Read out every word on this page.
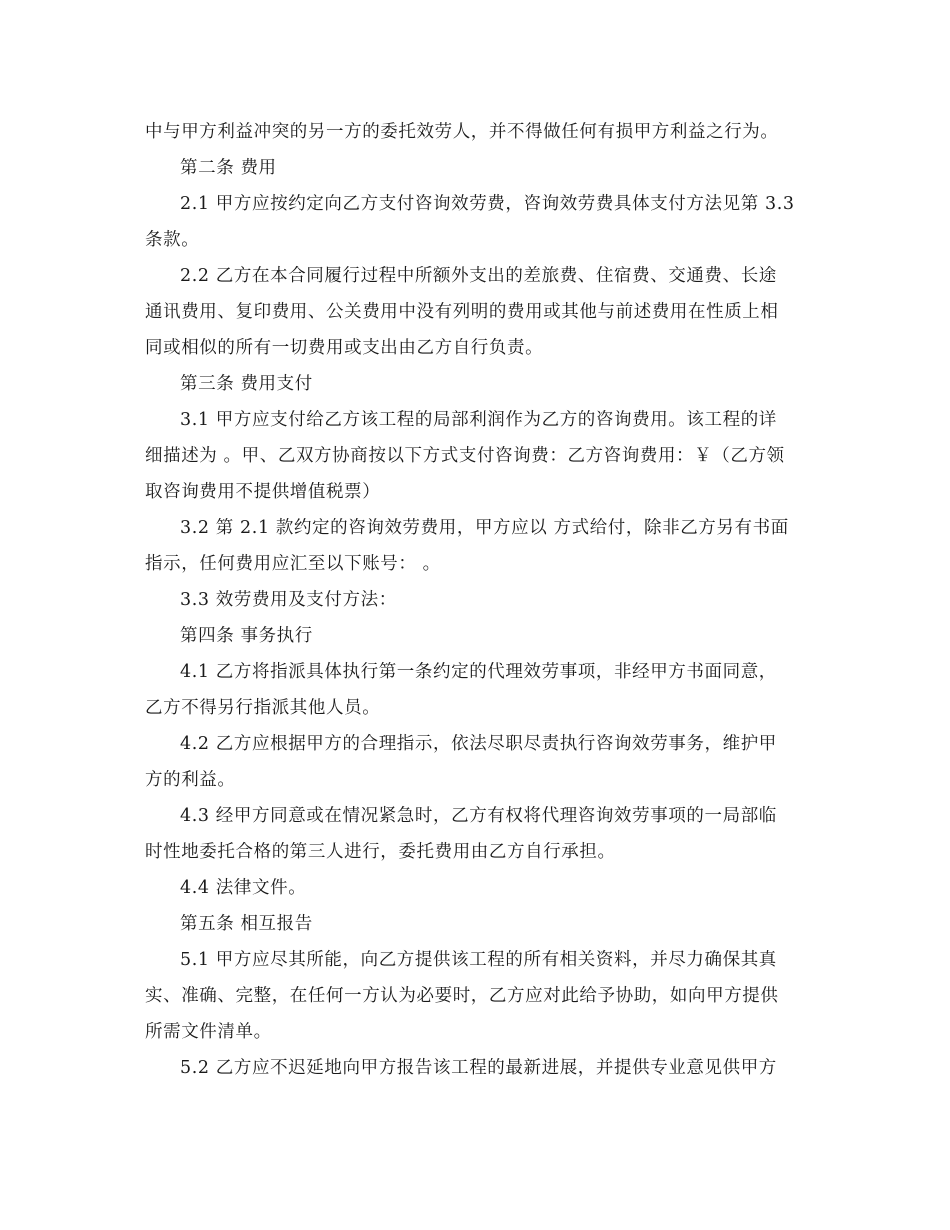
中与甲方利益冲突的另一方的委托效劳人，并不得做任何有损甲方利益之行为。

第二条 费用

2.1 甲方应按约定向乙方支付咨询效劳费，咨询效劳费具体支付方法见第 3.3

条款。

2.2 乙方在本合同履行过程中所额外支出的差旅费、住宿费、交通费、长途

通讯费用、复印费用、公关费用中没有列明的费用或其他与前述费用在性质上相

同或相似的所有一切费用或支出由乙方自行负责。

第三条 费用支付

3.1 甲方应支付给乙方该工程的局部利润作为乙方的咨询费用。该工程的详

细描述为 。甲、乙双方协商按以下方式支付咨询费：乙方咨询费用：￥（乙方领

取咨询费用不提供增值税票）

3.2 第 2.1 款约定的咨询效劳费用，甲方应以 方式给付，除非乙方另有书面

指示，任何费用应汇至以下账号： 。

3.3 效劳费用及支付方法：

第四条 事务执行

4.1 乙方将指派具体执行第一条约定的代理效劳事项，非经甲方书面同意，

乙方不得另行指派其他人员。

4.2 乙方应根据甲方的合理指示，依法尽职尽责执行咨询效劳事务，维护甲

方的利益。

4.3 经甲方同意或在情况紧急时，乙方有权将代理咨询效劳事项的一局部临

时性地委托合格的第三人进行，委托费用由乙方自行承担。

4.4 法律文件。

第五条 相互报告

5.1 甲方应尽其所能，向乙方提供该工程的所有相关资料，并尽力确保其真

实、准确、完整，在任何一方认为必要时，乙方应对此给予协助，如向甲方提供

所需文件清单。

5.2 乙方应不迟延地向甲方报告该工程的最新进展，并提供专业意见供甲方
